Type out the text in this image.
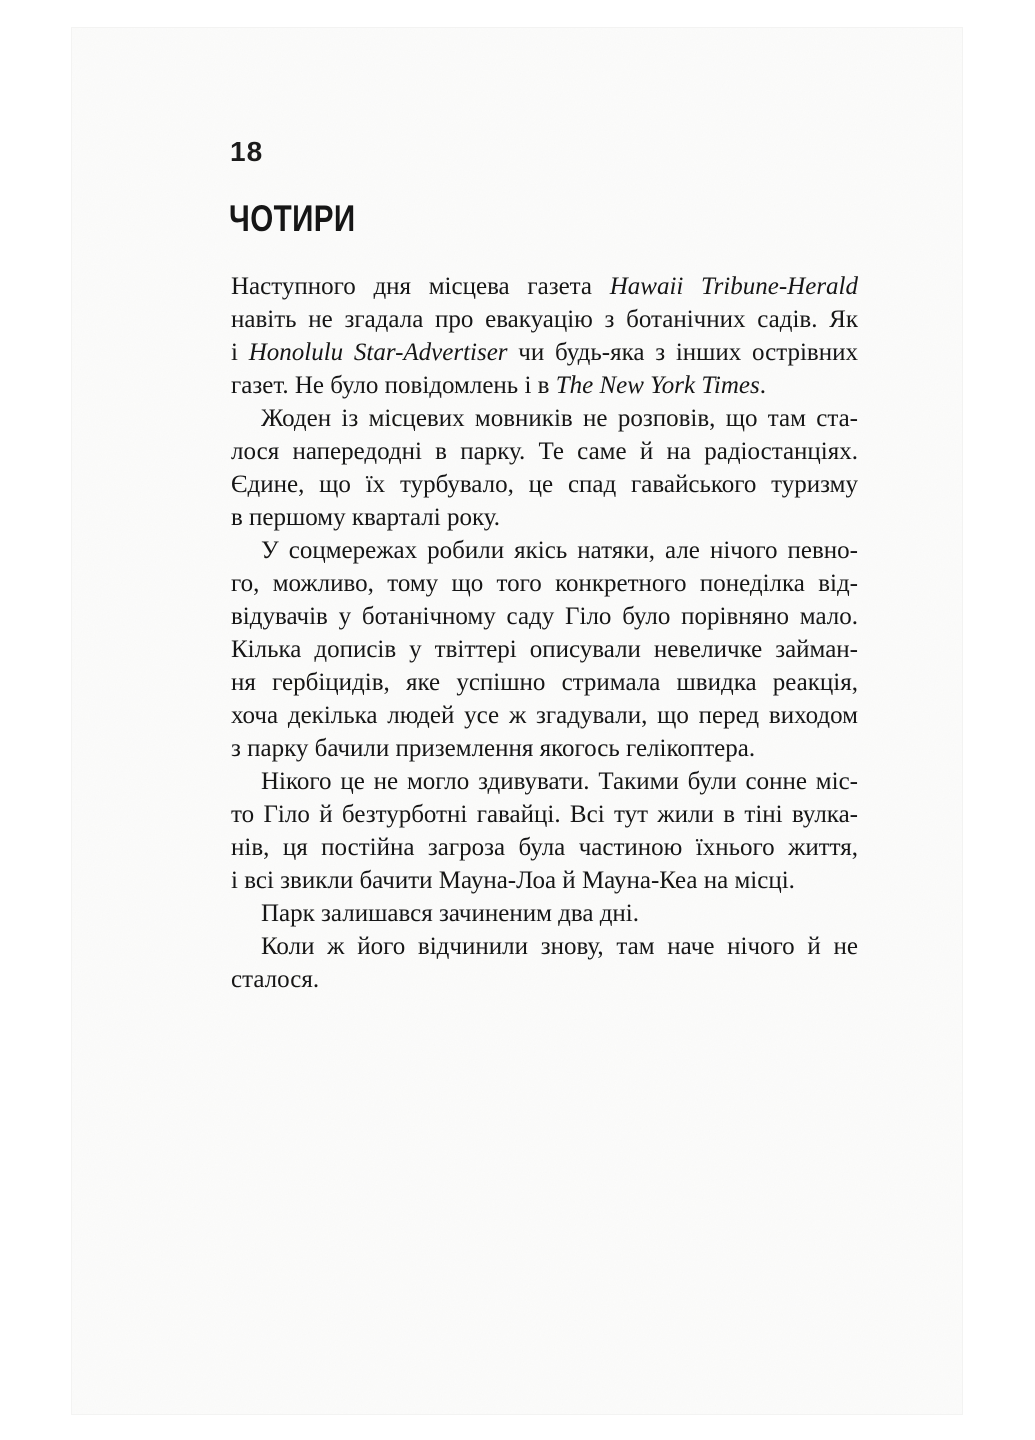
18
ЧОТИРИ
Наступного дня місцева газета Hawaii Tribune-Herald
навіть не згадала про евакуацію з ботанічних садів. Як
і Honolulu Star-Advertiser чи будь-яка з інших острівних
газет. Не було повідомлень і в The New York Times.
Жоден із місцевих мовників не розповів, що там ста-
лося напередодні в парку. Те саме й на радіостанціях.
Єдине, що їх турбувало, це спад гавайського туризму
в першому кварталі року.
У соцмережах робили якісь натяки, але нічого певно-
го, можливо, тому що того конкретного понеділка від-
відувачів у ботанічному саду Гіло було порівняно мало.
Кілька дописів у твіттері описували невеличке займан-
ня гербіцидів, яке успішно стримала швидка реакція,
хоча декілька людей усе ж згадували, що перед виходом
з парку бачили приземлення якогось гелікоптера.
Нікого це не могло здивувати. Такими були сонне міс-
то Гіло й безтурботні гавайці. Всі тут жили в тіні вулка-
нів, ця постійна загроза була частиною їхнього життя,
і всі звикли бачити Мауна-Лоа й Мауна-Кеа на місці.
Парк залишався зачиненим два дні.
Коли ж його відчинили знову, там наче нічого й не
сталося.
